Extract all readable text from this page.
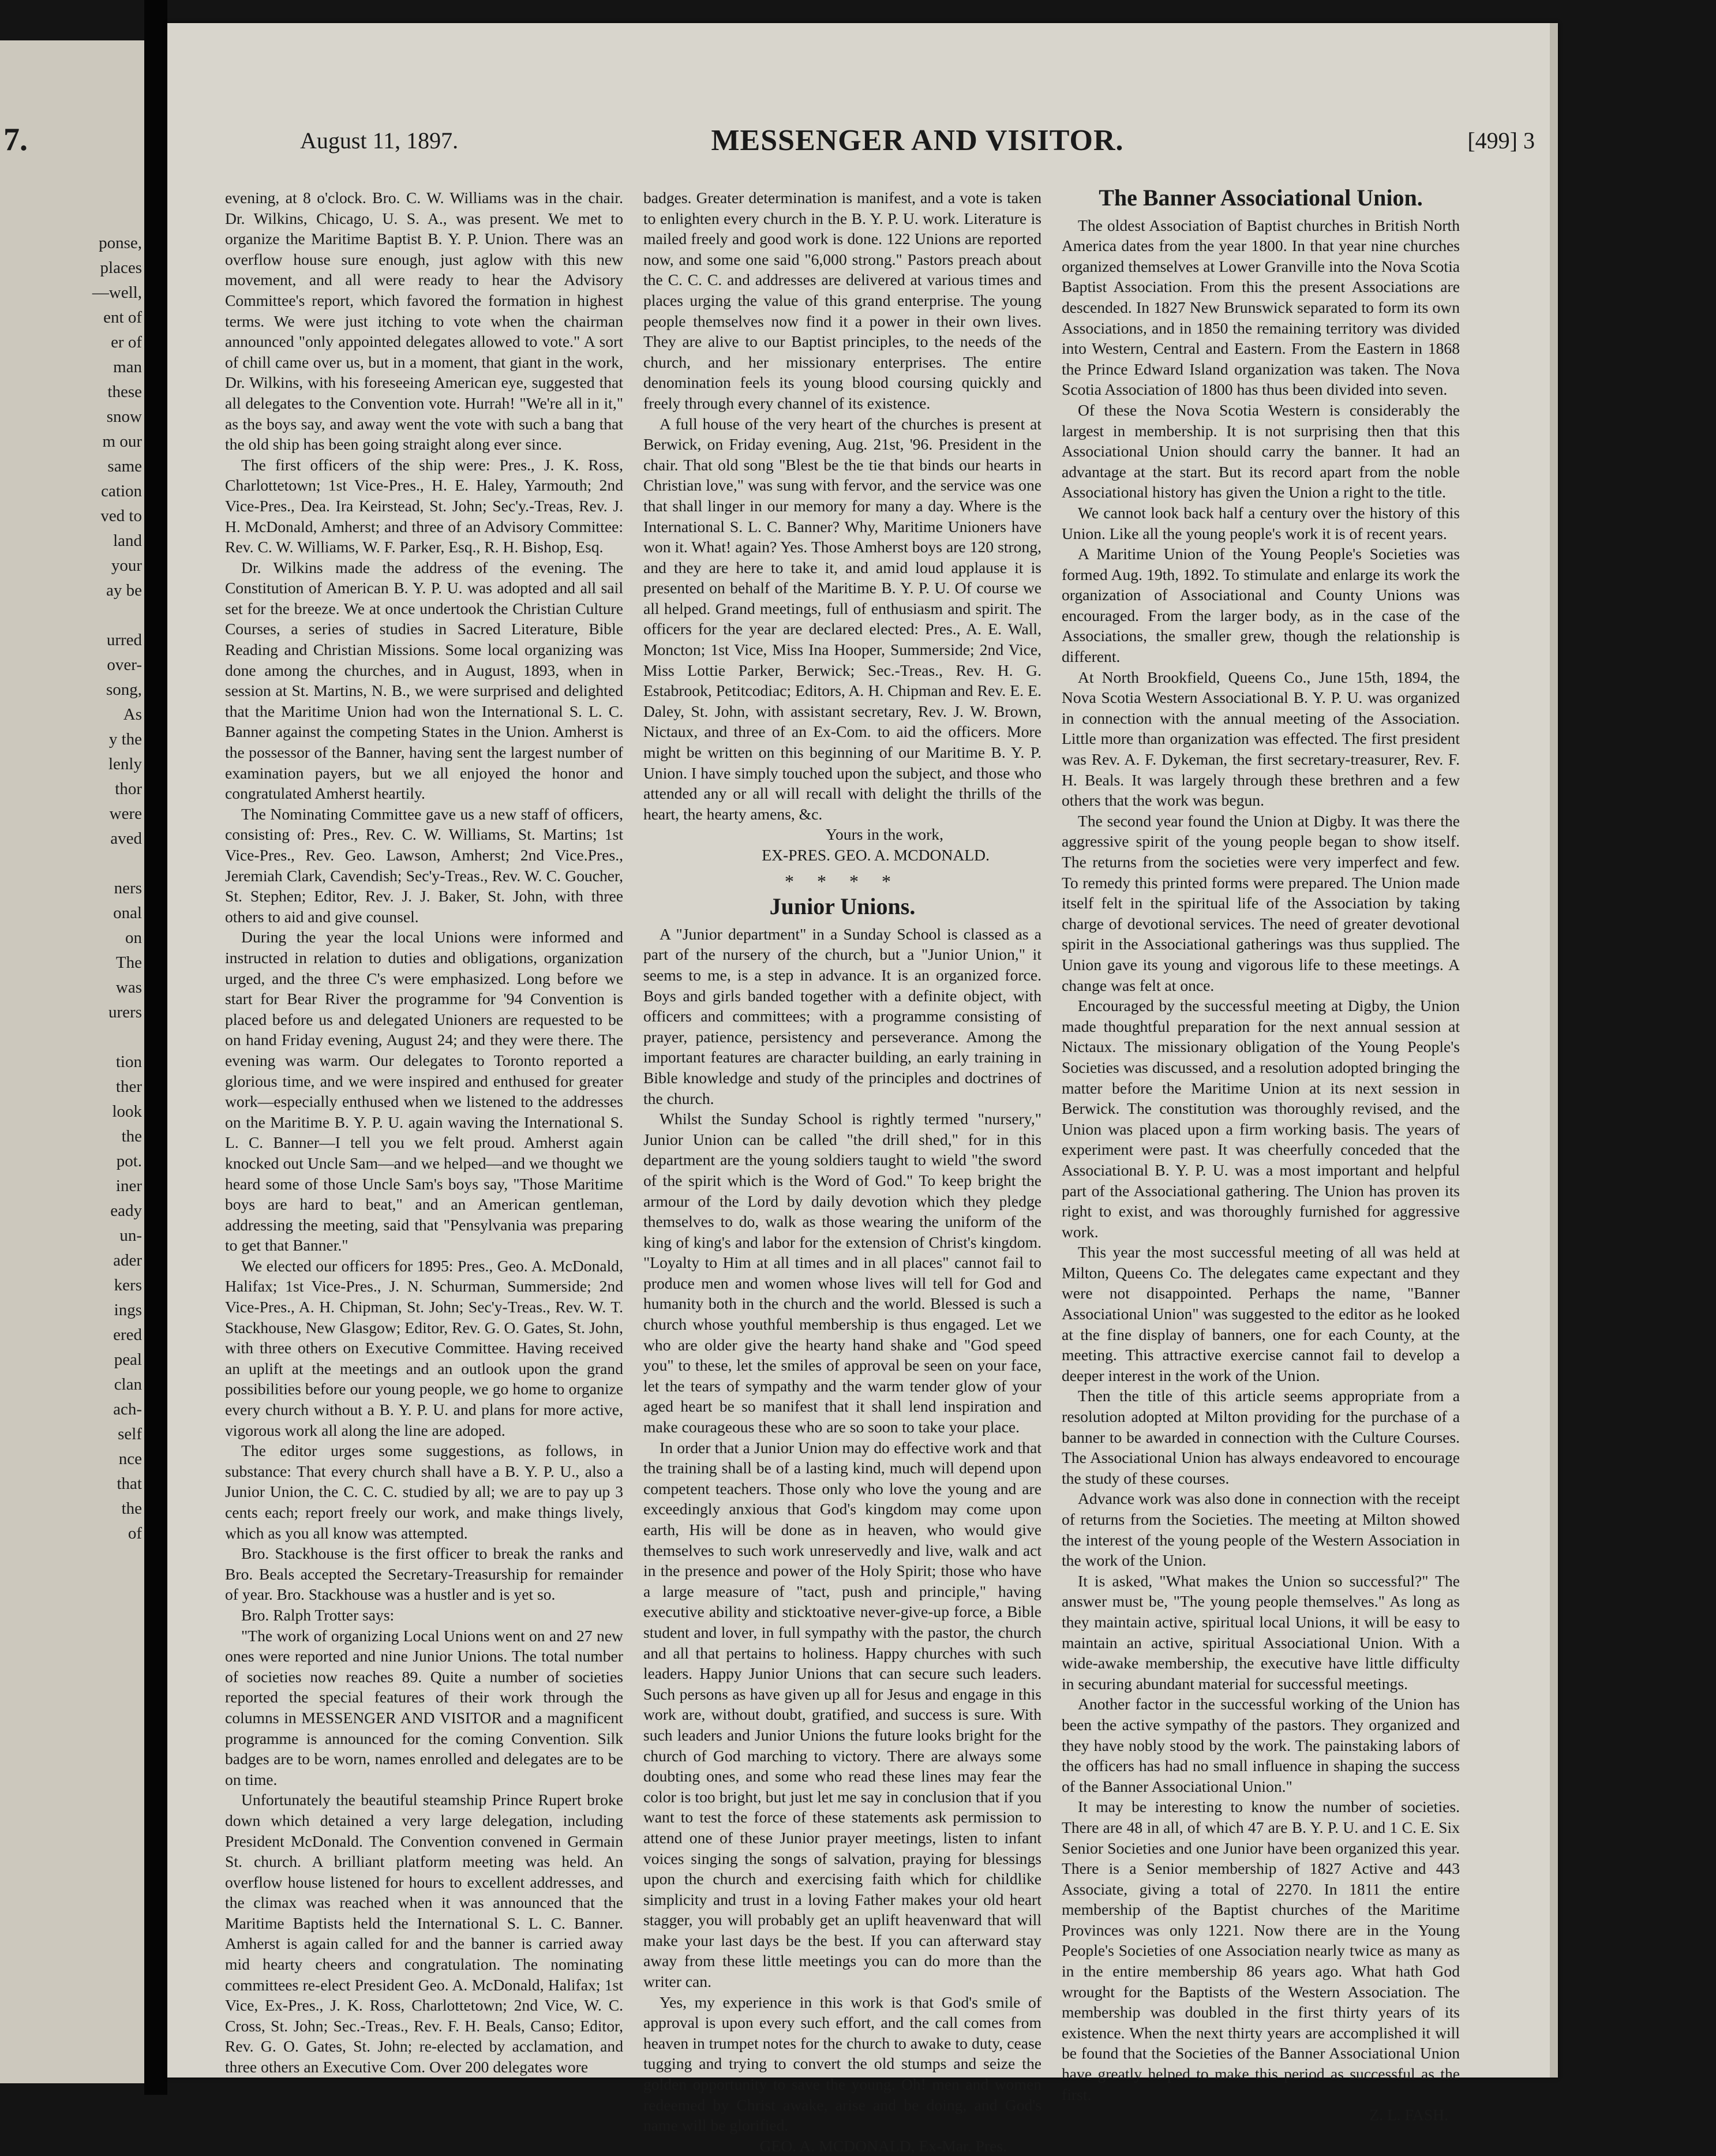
7.
ponse,
places
—well,
ent of
er of
man
these
snow
m our
same
cation
ved to
land
your
ay be

urred
over-
song,
As
y the
lenly
thor
were
aved

ners
onal
on
The
was
urers

tion
ther
look
the
pot.
iner
eady
un-
ader
kers
ings
ered
peal
clan
ach-
self
nce
that
the
of
August 11, 1897.	MESSENGER AND VISITOR.	[499] 3

evening, at 8 o'clock. Bro. C. W. Williams was in the chair. Dr. Wilkins, Chicago, U. S. A., was present. We met to organize the Maritime Baptist B. Y. P. Union. There was an overflow house sure enough, just aglow with this new movement, and all were ready to hear the Advisory Committee's report, which favored the formation in highest terms. We were just itching to vote when the chairman announced "only appointed delegates allowed to vote." A sort of chill came over us, but in a moment, that giant in the work, Dr. Wilkins, with his foreseeing American eye, suggested that all delegates to the Convention vote. Hurrah! "We're all in it," as the boys say, and away went the vote with such a bang that the old ship has been going straight along ever since.

The first officers of the ship were: Pres., J. K. Ross, Charlottetown; 1st Vice-Pres., H. E. Haley, Yarmouth; 2nd Vice-Pres., Dea. Ira Keirstead, St. John; Sec'y.-Treas, Rev. J. H. McDonald, Amherst; and three of an Advisory Committee: Rev. C. W. Williams, W. F. Parker, Esq., R. H. Bishop, Esq.

Dr. Wilkins made the address of the evening. The Constitution of American B. Y. P. U. was adopted and all sail set for the breeze. We at once undertook the Christian Culture Courses, a series of studies in Sacred Literature, Bible Reading and Christian Missions. Some local organizing was done among the churches, and in August, 1893, when in session at St. Martins, N. B., we were surprised and delighted that the Maritime Union had won the International S. L. C. Banner against the competing States in the Union. Amherst is the possessor of the Banner, having sent the largest number of examination payers, but we all enjoyed the honor and congratulated Amherst heartily.

The Nominating Committee gave us a new staff of officers, consisting of: Pres., Rev. C. W. Williams, St. Martins; 1st Vice-Pres., Rev. Geo. Lawson, Amherst; 2nd Vice.Pres., Jeremiah Clark, Cavendish; Sec'y-Treas., Rev. W. C. Goucher, St. Stephen; Editor, Rev. J. J. Baker, St. John, with three others to aid and give counsel.

During the year the local Unions were informed and instructed in relation to duties and obligations, organization urged, and the three C's were emphasized. Long before we start for Bear River the programme for '94 Convention is placed before us and delegated Unioners are requested to be on hand Friday evening, August 24; and they were there. The evening was warm. Our delegates to Toronto reported a glorious time, and we were inspired and enthused for greater work—especially enthused when we listened to the addresses on the Maritime B. Y. P. U. again waving the International S. L. C. Banner—I tell you we felt proud. Amherst again knocked out Uncle Sam—and we helped—and we thought we heard some of those Uncle Sam's boys say, "Those Maritime boys are hard to beat," and an American gentleman, addressing the meeting, said that "Pensylvania was preparing to get that Banner."

We elected our officers for 1895: Pres., Geo. A. McDonald, Halifax; 1st Vice-Pres., J. N. Schurman, Summerside; 2nd Vice-Pres., A. H. Chipman, St. John; Sec'y-Treas., Rev. W. T. Stackhouse, New Glasgow; Editor, Rev. G. O. Gates, St. John, with three others on Executive Committee. Having received an uplift at the meetings and an outlook upon the grand possibilities before our young people, we go home to organize every church without a B. Y. P. U. and plans for more active, vigorous work all along the line are adoped.

The editor urges some suggestions, as follows, in substance: That every church shall have a B. Y. P. U., also a Junior Union, the C. C. C. studied by all; we are to pay up 3 cents each; report freely our work, and make things lively, which as you all know was attempted.

Bro. Stackhouse is the first officer to break the ranks and Bro. Beals accepted the Secretary-Treasurship for remainder of year. Bro. Stackhouse was a hustler and is yet so.

Bro. Ralph Trotter says:

"The work of organizing Local Unions went on and 27 new ones were reported and nine Junior Unions. The total number of societies now reaches 89. Quite a number of societies reported the special features of their work through the columns in MESSENGER AND VISITOR and a magnificent programme is announced for the coming Convention. Silk badges are to be worn, names enrolled and delegates are to be on time.

Unfortunately the beautiful steamship Prince Rupert broke down which detained a very large delegation, including President McDonald. The Convention convened in Germain St. church. A brilliant platform meeting was held. An overflow house listened for hours to excellent addresses, and the climax was reached when it was announced that the Maritime Baptists held the International S. L. C. Banner. Amherst is again called for and the banner is carried away mid hearty cheers and congratulation. The nominating committees re-elect President Geo. A. McDonald, Halifax; 1st Vice, Ex-Pres., J. K. Ross, Charlottetown; 2nd Vice, W. C. Cross, St. John; Sec.-Treas., Rev. F. H. Beals, Canso; Editor, Rev. G. O. Gates, St. John; re-elected by acclamation, and three others an Executive Com. Over 200 delegates wore

badges. Greater determination is manifest, and a vote is taken to enlighten every church in the B. Y. P. U. work. Literature is mailed freely and good work is done. 122 Unions are reported now, and some one said "6,000 strong." Pastors preach about the C. C. C. and addresses are delivered at various times and places urging the value of this grand enterprise. The young people themselves now find it a power in their own lives. They are alive to our Baptist principles, to the needs of the church, and her missionary enterprises. The entire denomination feels its young blood coursing quickly and freely through every channel of its existence.

A full house of the very heart of the churches is present at Berwick, on Friday evening, Aug. 21st, '96. President in the chair. That old song "Blest be the tie that binds our hearts in Christian love," was sung with fervor, and the service was one that shall linger in our memory for many a day. Where is the International S. L. C. Banner? Why, Maritime Unioners have won it. What! again? Yes. Those Amherst boys are 120 strong, and they are here to take it, and amid loud applause it is presented on behalf of the Maritime B. Y. P. U. Of course we all helped. Grand meetings, full of enthusiasm and spirit. The officers for the year are declared elected: Pres., A. E. Wall, Moncton; 1st Vice, Miss Ina Hooper, Summerside; 2nd Vice, Miss Lottie Parker, Berwick; Sec.-Treas., Rev. H. G. Estabrook, Petitcodiac; Editors, A. H. Chipman and Rev. E. E. Daley, St. John, with assistant secretary, Rev. J. W. Brown, Nictaux, and three of an Ex-Com. to aid the officers. More might be written on this beginning of our Maritime B. Y. P. Union. I have simply touched upon the subject, and those who attended any or all will recall with delight the thrills of the heart, the hearty amens, &c.

Yours in the work,
EX-PRES. GEO. A. MCDONALD.
* * * *
Junior Unions.

A "Junior department" in a Sunday School is classed as a part of the nursery of the church, but a "Junior Union," it seems to me, is a step in advance. It is an organized force. Boys and girls banded together with a definite object, with officers and committees; with a programme consisting of prayer, patience, persistency and perseverance. Among the important features are character building, an early training in Bible knowledge and study of the principles and doctrines of the church.

Whilst the Sunday School is rightly termed "nursery," Junior Union can be called "the drill shed," for in this department are the young soldiers taught to wield "the sword of the spirit which is the Word of God." To keep bright the armour of the Lord by daily devotion which they pledge themselves to do, walk as those wearing the uniform of the king of king's and labor for the extension of Christ's kingdom. "Loyalty to Him at all times and in all places" cannot fail to produce men and women whose lives will tell for God and humanity both in the church and the world. Blessed is such a church whose youthful membership is thus engaged. Let we who are older give the hearty hand shake and "God speed you" to these, let the smiles of approval be seen on your face, let the tears of sympathy and the warm tender glow of your aged heart be so manifest that it shall lend inspiration and make courageous these who are so soon to take your place.

In order that a Junior Union may do effective work and that the training shall be of a lasting kind, much will depend upon competent teachers. Those only who love the young and are exceedingly anxious that God's kingdom may come upon earth, His will be done as in heaven, who would give themselves to such work unreservedly and live, walk and act in the presence and power of the Holy Spirit; those who have a large measure of "tact, push and principle," having executive ability and sticktoative never-give-up force, a Bible student and lover, in full sympathy with the pastor, the church and all that pertains to holiness. Happy churches with such leaders. Happy Junior Unions that can secure such leaders. Such persons as have given up all for Jesus and engage in this work are, without doubt, gratified, and success is sure. With such leaders and Junior Unions the future looks bright for the church of God marching to victory. There are always some doubting ones, and some who read these lines may fear the color is too bright, but just let me say in conclusion that if you want to test the force of these statements ask permission to attend one of these Junior prayer meetings, listen to infant voices singing the songs of salvation, praying for blessings upon the church and exercising faith which for childlike simplicity and trust in a loving Father makes your old heart stagger, you will probably get an uplift heavenward that will make your last days be the best. If you can afterward stay away from these little meetings you can do more than the writer can.

Yes, my experience in this work is that God's smile of approval is upon every such effort, and the call comes from heaven in trumpet notes for the church to awake to duty, cease tugging and trying to convert the old stumps and seize the golden opportunity to save the young. Oh! men and women redeemed by Christ awake, arise and be doing, and God's name will be glorified.

GEO. A. MCDONALD, Ex-Mar. Pres.
The Banner Associational Union.

The oldest Association of Baptist churches in British North America dates from the year 1800. In that year nine churches organized themselves at Lower Granville into the Nova Scotia Baptist Association. From this the present Associations are descended. In 1827 New Brunswick separated to form its own Associations, and in 1850 the remaining territory was divided into Western, Central and Eastern. From the Eastern in 1868 the Prince Edward Island organization was taken. The Nova Scotia Association of 1800 has thus been divided into seven.

Of these the Nova Scotia Western is considerably the largest in membership. It is not surprising then that this Associational Union should carry the banner. It had an advantage at the start. But its record apart from the noble Associational history has given the Union a right to the title.

We cannot look back half a century over the history of this Union. Like all the young people's work it is of recent years.

A Maritime Union of the Young People's Societies was formed Aug. 19th, 1892. To stimulate and enlarge its work the organization of Associational and County Unions was encouraged. From the larger body, as in the case of the Associations, the smaller grew, though the relationship is different.

At North Brookfield, Queens Co., June 15th, 1894, the Nova Scotia Western Associational B. Y. P. U. was organized in connection with the annual meeting of the Association. Little more than organization was effected. The first president was Rev. A. F. Dykeman, the first secretary-treasurer, Rev. F. H. Beals. It was largely through these brethren and a few others that the work was begun.

The second year found the Union at Digby. It was there the aggressive spirit of the young people began to show itself. The returns from the societies were very imperfect and few. To remedy this printed forms were prepared. The Union made itself felt in the spiritual life of the Association by taking charge of devotional services. The need of greater devotional spirit in the Associational gatherings was thus supplied. The Union gave its young and vigorous life to these meetings. A change was felt at once.

Encouraged by the successful meeting at Digby, the Union made thoughtful preparation for the next annual session at Nictaux. The missionary obligation of the Young People's Societies was discussed, and a resolution adopted bringing the matter before the Maritime Union at its next session in Berwick. The constitution was thoroughly revised, and the Union was placed upon a firm working basis. The years of experiment were past. It was cheerfully conceded that the Associational B. Y. P. U. was a most important and helpful part of the Associational gathering. The Union has proven its right to exist, and was thoroughly furnished for aggressive work.

This year the most successful meeting of all was held at Milton, Queens Co. The delegates came expectant and they were not disappointed. Perhaps the name, "Banner Associational Union" was suggested to the editor as he looked at the fine display of banners, one for each County, at the meeting. This attractive exercise cannot fail to develop a deeper interest in the work of the Union.

Then the title of this article seems appropriate from a resolution adopted at Milton providing for the purchase of a banner to be awarded in connection with the Culture Courses. The Associational Union has always endeavored to encourage the study of these courses.

Advance work was also done in connection with the receipt of returns from the Societies. The meeting at Milton showed the interest of the young people of the Western Association in the work of the Union.

It is asked, "What makes the Union so successful?" The answer must be, "The young people themselves." As long as they maintain active, spiritual local Unions, it will be easy to maintain an active, spiritual Associational Union. With a wide-awake membership, the executive have little difficulty in securing abundant material for successful meetings.

Another factor in the successful working of the Union has been the active sympathy of the pastors. They organized and they have nobly stood by the work. The painstaking labors of the officers has had no small influence in shaping the success of the Banner Associational Union."

It may be interesting to know the number of societies. There are 48 in all, of which 47 are B. Y. P. U. and 1 C. E. Six Senior Societies and one Junior have been organized this year. There is a Senior membership of 1827 Active and 443 Associate, giving a total of 2270. In 1811 the entire membership of the Baptist churches of the Maritime Provinces was only 1221. Now there are in the Young People's Societies of one Association nearly twice as many as in the entire membership 86 years ago. What hath God wrought for the Baptists of the Western Association. The membership was doubled in the first thirty years of its existence. When the next thirty years are accomplished it will be found that the Societies of the Banner Associational Union have greatly helped to make this period as successful as the first.

Z. L. FASH.
